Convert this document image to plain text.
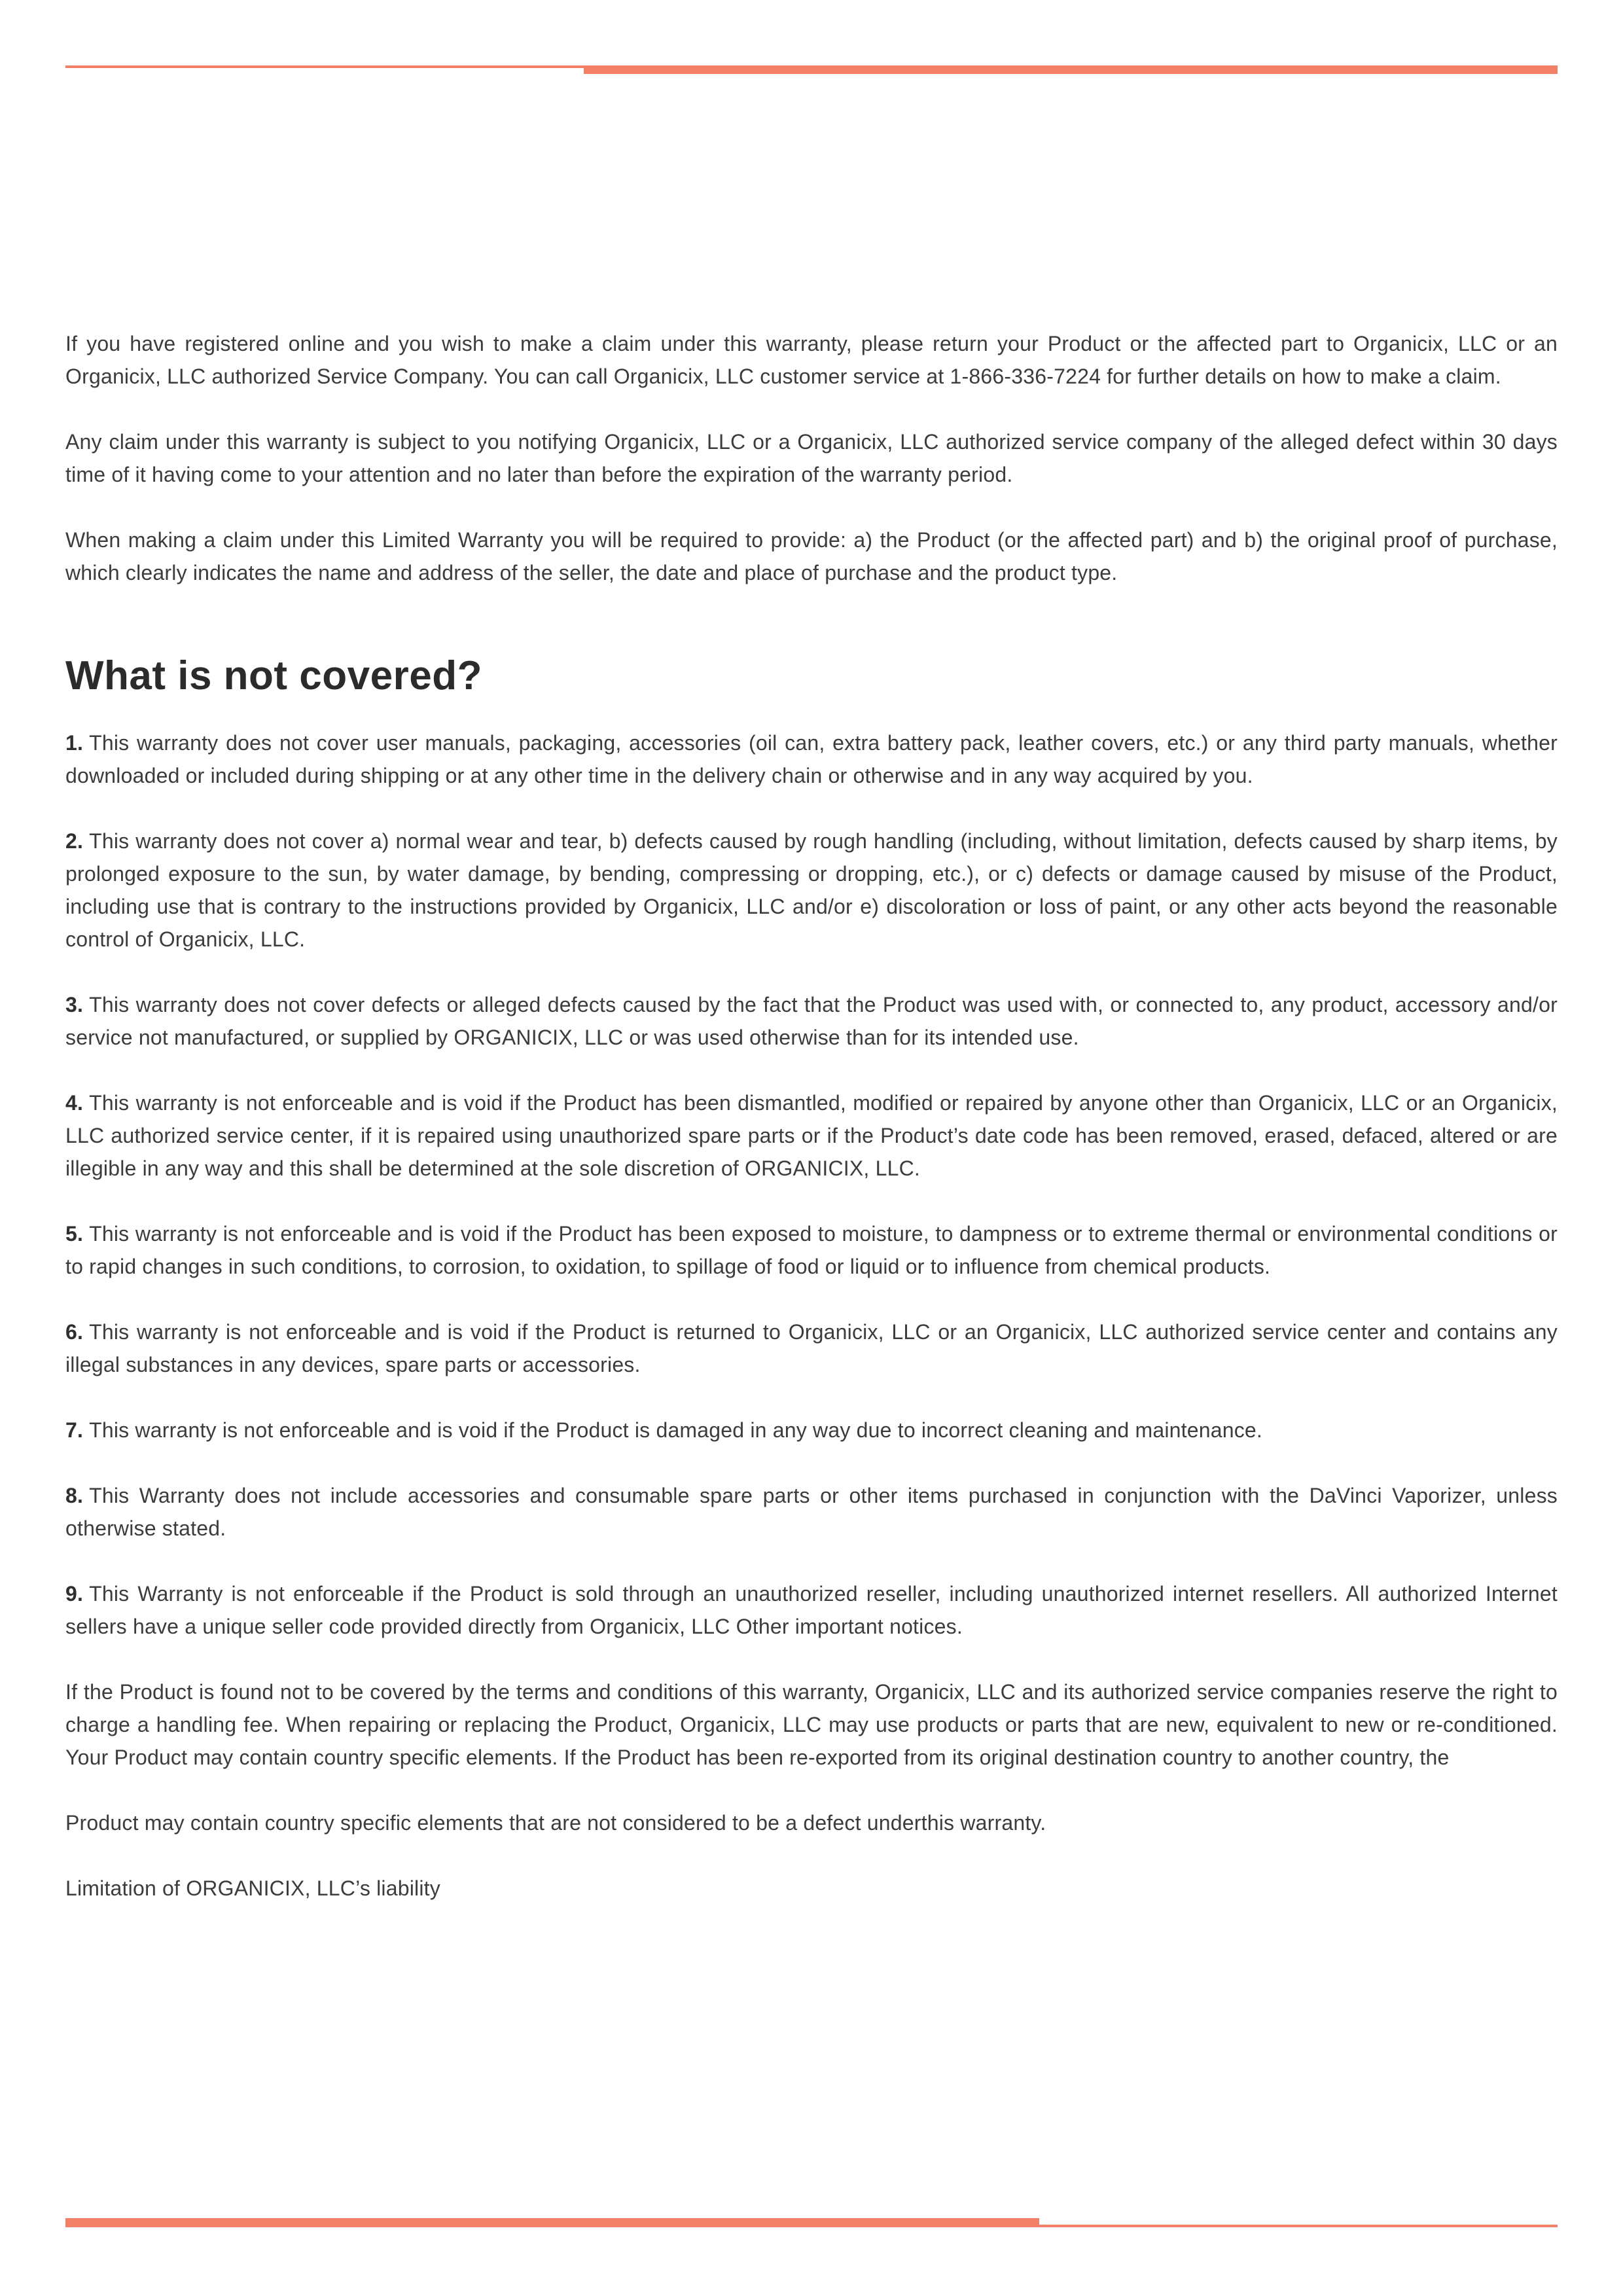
If you have registered online and you wish to make a claim under this warranty, please return your Product or the affected part to Organicix, LLC or an Organicix, LLC authorized Service Company. You can call Organicix, LLC customer service at 1-866-336-7224 for further details on how to make a claim.

Any claim under this warranty is subject to you notifying Organicix, LLC or a Organicix, LLC authorized service company of the alleged defect within 30 days time of it having come to your attention and no later than before the expiration of the warranty period.

When making a claim under this Limited Warranty you will be required to provide: a) the Product (or the affected part) and b) the original proof of purchase, which clearly indicates the name and address of the seller, the date and place of purchase and the product type.

What is not covered?

1. This warranty does not cover user manuals, packaging, accessories (oil can, extra battery pack, leather covers, etc.) or any third party manuals, whether downloaded or included during shipping or at any other time in the delivery chain or otherwise and in any way acquired by you.

2. This warranty does not cover a) normal wear and tear, b) defects caused by rough handling (including, without limitation, defects caused by sharp items, by prolonged exposure to the sun, by water damage, by bending, compressing or dropping, etc.), or c) defects or damage caused by misuse of the Product, including use that is contrary to the instructions provided by Organicix, LLC and/or e) discoloration or loss of paint, or any other acts beyond the reasonable control of Organicix, LLC.

3. This warranty does not cover defects or alleged defects caused by the fact that the Product was used with, or connected to, any product, accessory and/or service not manufactured, or supplied by ORGANICIX, LLC or was used otherwise than for its intended use.

4. This warranty is not enforceable and is void if the Product has been dismantled, modified or repaired by anyone other than Organicix, LLC or an Organicix, LLC authorized service center, if it is repaired using unauthorized spare parts or if the Product’s date code has been removed, erased, defaced, altered or are illegible in any way and this shall be determined at the sole discretion of ORGANICIX, LLC.

5. This warranty is not enforceable and is void if the Product has been exposed to moisture, to dampness or to extreme thermal or environmental conditions or to rapid changes in such conditions, to corrosion, to oxidation, to spillage of food or liquid or to influence from chemical products.

6. This warranty is not enforceable and is void if the Product is returned to Organicix, LLC or an Organicix, LLC authorized service center and contains any illegal substances in any devices, spare parts or accessories.

7. This warranty is not enforceable and is void if the Product is damaged in any way due to incorrect cleaning and maintenance.

8. This Warranty does not include accessories and consumable spare parts or other items purchased in conjunction with the DaVinci Vaporizer, unless otherwise stated.

9. This Warranty is not enforceable if the Product is sold through an unauthorized reseller, including unauthorized internet resellers. All authorized Internet sellers have a unique seller code provided directly from Organicix, LLC Other important notices.

If the Product is found not to be covered by the terms and conditions of this warranty, Organicix, LLC and its authorized service companies reserve the right to charge a handling fee. When repairing or replacing the Product, Organicix, LLC may use products or parts that are new, equivalent to new or re-conditioned. Your Product may contain country specific elements. If the Product has been re-exported from its original destination country to another country, the

Product may contain country specific elements that are not considered to be a defect underthis warranty.

Limitation of ORGANICIX, LLC’s liability
